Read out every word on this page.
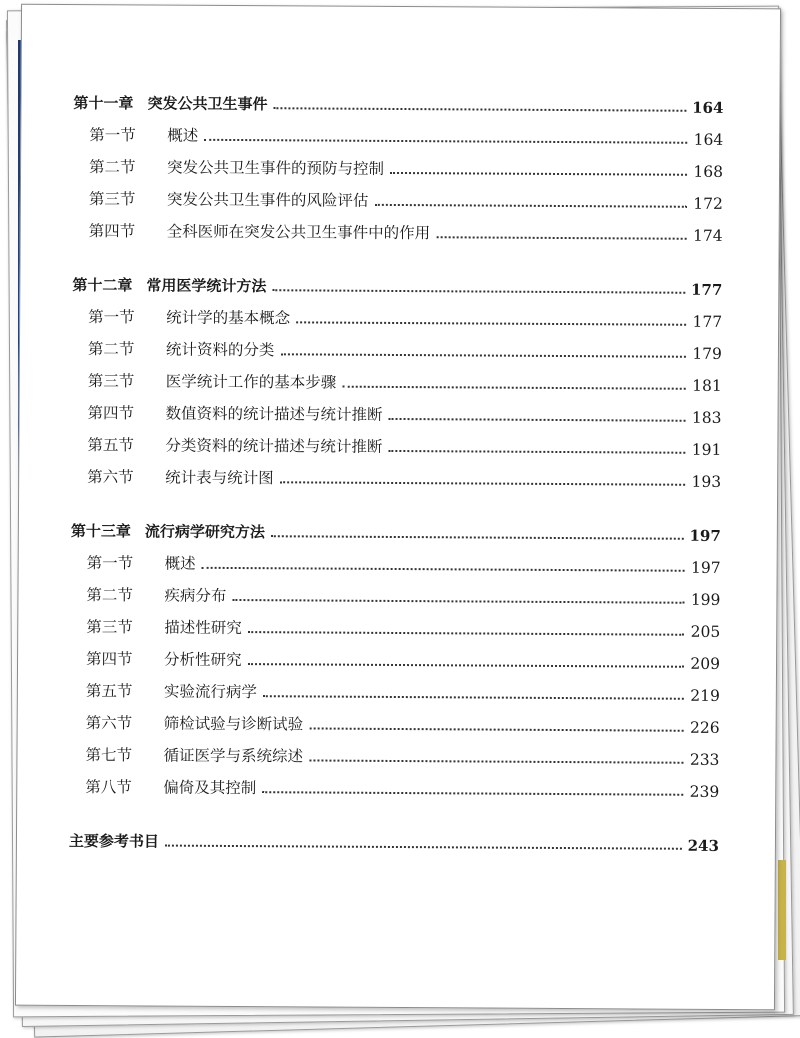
第十一章 突发公共卫生事件	164
第一节	概述	164
第二节	突发公共卫生事件的预防与控制	168
第三节	突发公共卫生事件的风险评估	172
第四节	全科医师在突发公共卫生事件中的作用	174
第十二章 常用医学统计方法	177
第一节	统计学的基本概念	177
第二节	统计资料的分类	179
第三节	医学统计工作的基本步骤	181
第四节	数值资料的统计描述与统计推断	183
第五节	分类资料的统计描述与统计推断	191
第六节	统计表与统计图	193
第十三章 流行病学研究方法	197
第一节	概述	197
第二节	疾病分布	199
第三节	描述性研究	205
第四节	分析性研究	209
第五节	实验流行病学	219
第六节	筛检试验与诊断试验	226
第七节	循证医学与系统综述	233
第八节	偏倚及其控制	239
主要参考书目	243
